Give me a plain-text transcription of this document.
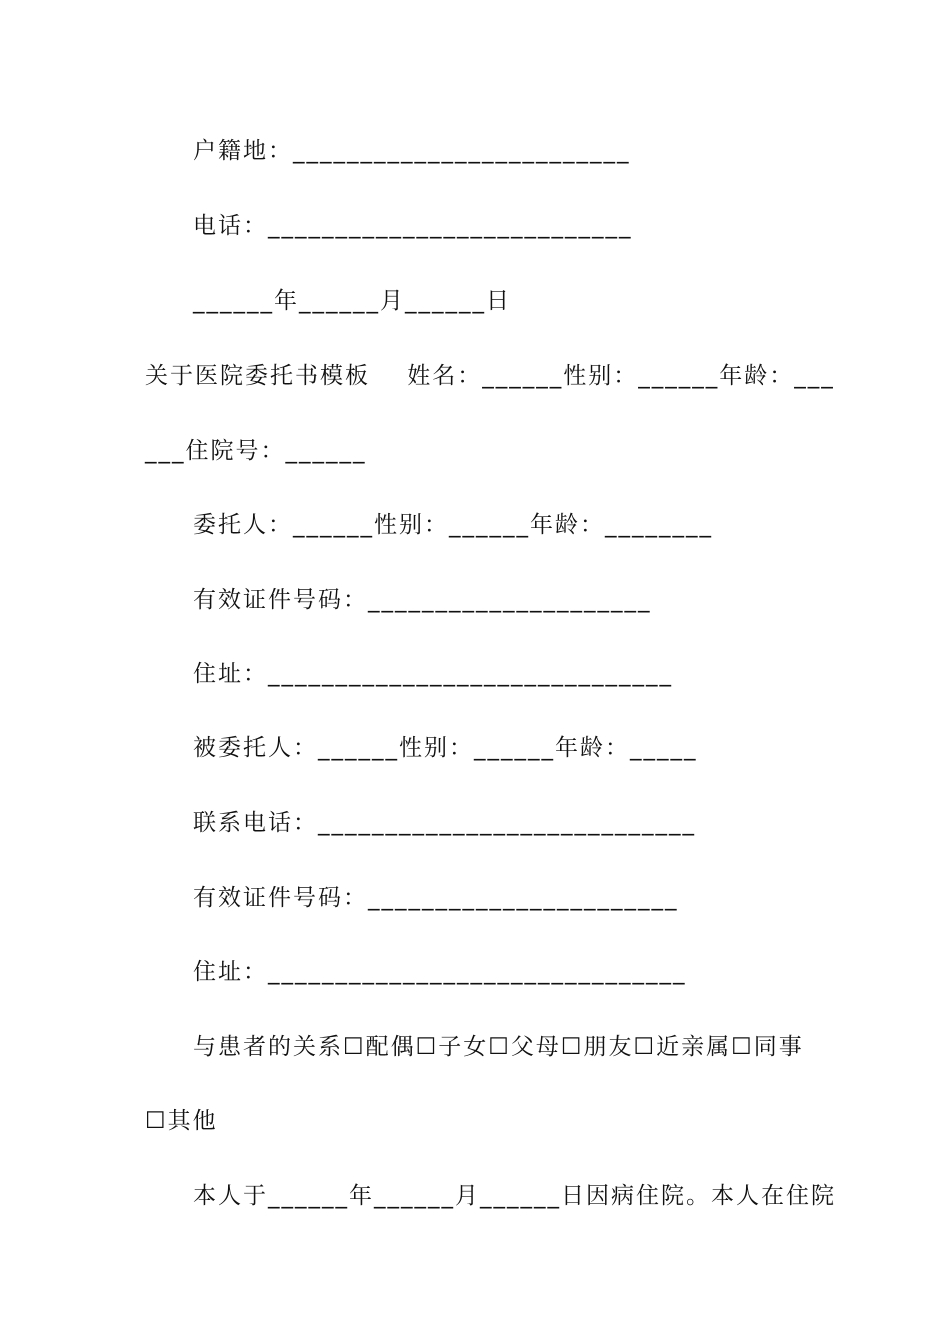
户籍地：_________________________
电话：___________________________
______年______月______日
关于医院委托书模板    姓名：______性别：______年龄：___
___住院号：______
委托人：______性别：______年龄：________
有效证件号码：_____________________
住址：______________________________
被委托人：______性别：______年龄：_____
联系电话：____________________________
有效证件号码：_______________________
住址：_______________________________
与患者的关系☐配偶☐子女☐父母☐朋友☐近亲属☐同事
☐其他
本人于______年______月______日因病住院。本人在住院
